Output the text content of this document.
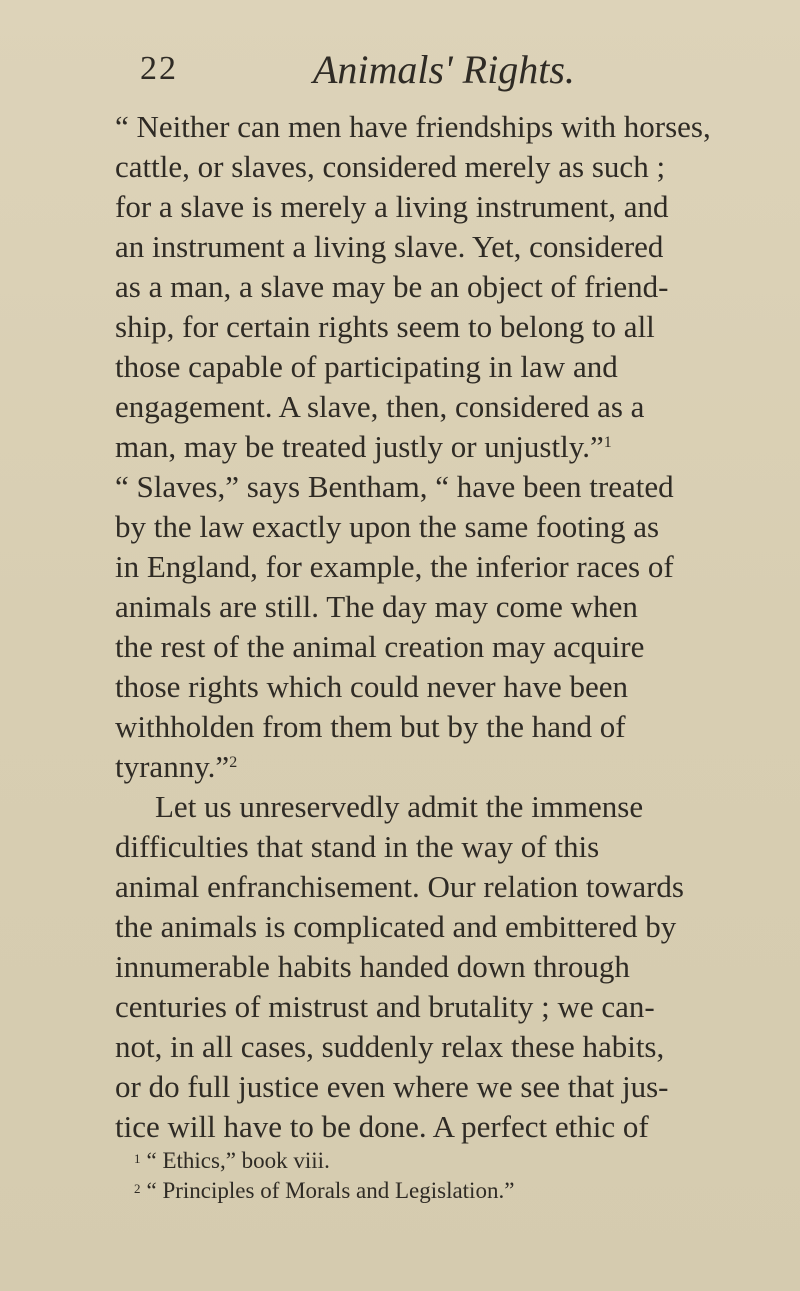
22	Animals' Rights.
“ Neither can men have friendships with horses,
cattle, or slaves, considered merely as such ;
for a slave is merely a living instrument, and
an instrument a living slave. Yet, considered
as a man, a slave may be an object of friend-
ship, for certain rights seem to belong to all
those capable of participating in law and
engagement. A slave, then, considered as a
man, may be treated justly or unjustly.”$^1$
“ Slaves,” says Bentham, “ have been treated
by the law exactly upon the same footing as
in England, for example, the inferior races of
animals are still. The day may come when
the rest of the animal creation may acquire
those rights which could never have been
withholden from them but by the hand of
tyranny.”$^2$
Let us unreservedly admit the immense
difficulties that stand in the way of this
animal enfranchisement. Our relation towards
the animals is complicated and embittered by
innumerable habits handed down through
centuries of mistrust and brutality ; we can-
not, in all cases, suddenly relax these habits,
or do full justice even where we see that jus-
tice will have to be done. A perfect ethic of
$^1$ “ Ethics,” book viii.
$^2$ “ Principles of Morals and Legislation.”
